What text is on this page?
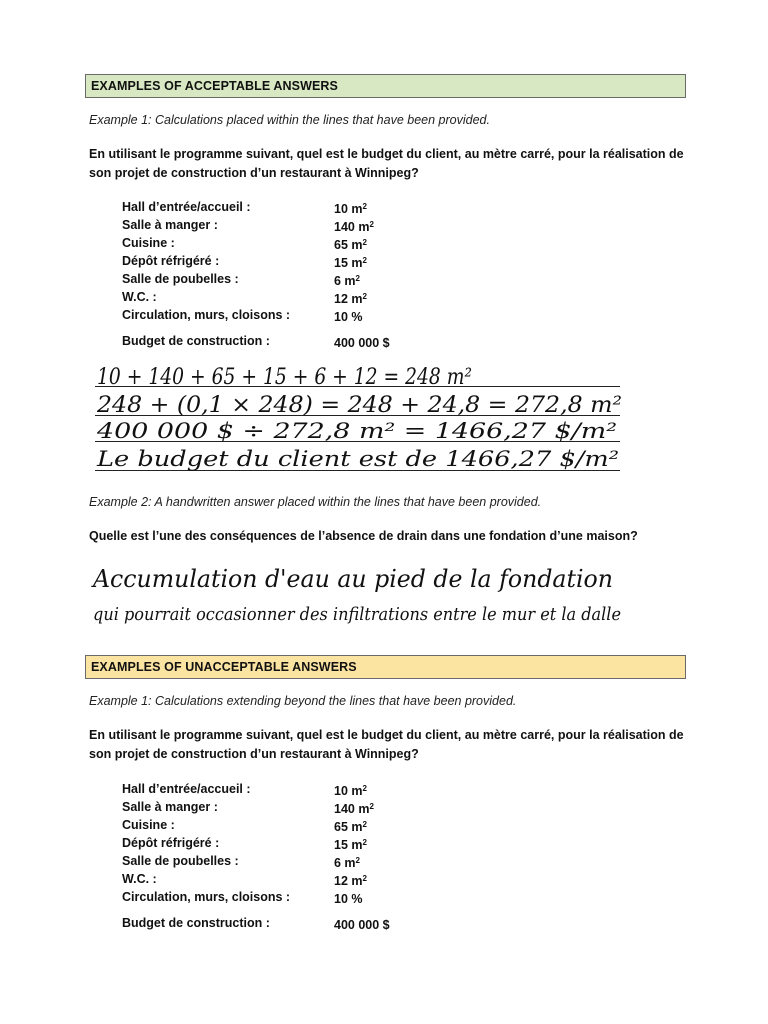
EXAMPLES OF ACCEPTABLE ANSWERS
Example 1: Calculations placed within the lines that have been provided.
En utilisant le programme suivant, quel est le budget du client, au mètre carré, pour la réalisation de
son projet de construction d’un restaurant à Winnipeg?
Hall d’entrée/accueil :	10 $m^2$
Salle à manger :	140 $m^2$
Cuisine :	65 $m^2$
Dépôt réfrigéré :	15 $m^2$
Salle de poubelles :	6 $m^2$
W.C. :	12 $m^2$
Circulation, murs, cloisons :	10 %
Budget de construction :	400 000 $
10 + 140 + 65 + 15 + 6 + 12 = 248 m²
248 + (0,1 × 248) = 248 + 24,8 = 272,8 m²
400 000 $ ÷ 272,8 m² = 1466,27 $/m²
Le budget du client est de 1466,27 $/m²
Accumulation d'eau au pied de la fondation
qui pourrait occasionner des infiltrations entre le mur et la dalle
Example 2: A handwritten answer placed within the lines that have been provided.
Quelle est l’une des conséquences de l’absence de drain dans une fondation d’une maison?
EXAMPLES OF UNACCEPTABLE ANSWERS
Example 1: Calculations extending beyond the lines that have been provided.
En utilisant le programme suivant, quel est le budget du client, au mètre carré, pour la réalisation de
son projet de construction d’un restaurant à Winnipeg?
Hall d’entrée/accueil :	10 $m^2$
Salle à manger :	140 $m^2$
Cuisine :	65 $m^2$
Dépôt réfrigéré :	15 $m^2$
Salle de poubelles :	6 $m^2$
W.C. :	12 $m^2$
Circulation, murs, cloisons :	10 %
Budget de construction :	400 000 $
